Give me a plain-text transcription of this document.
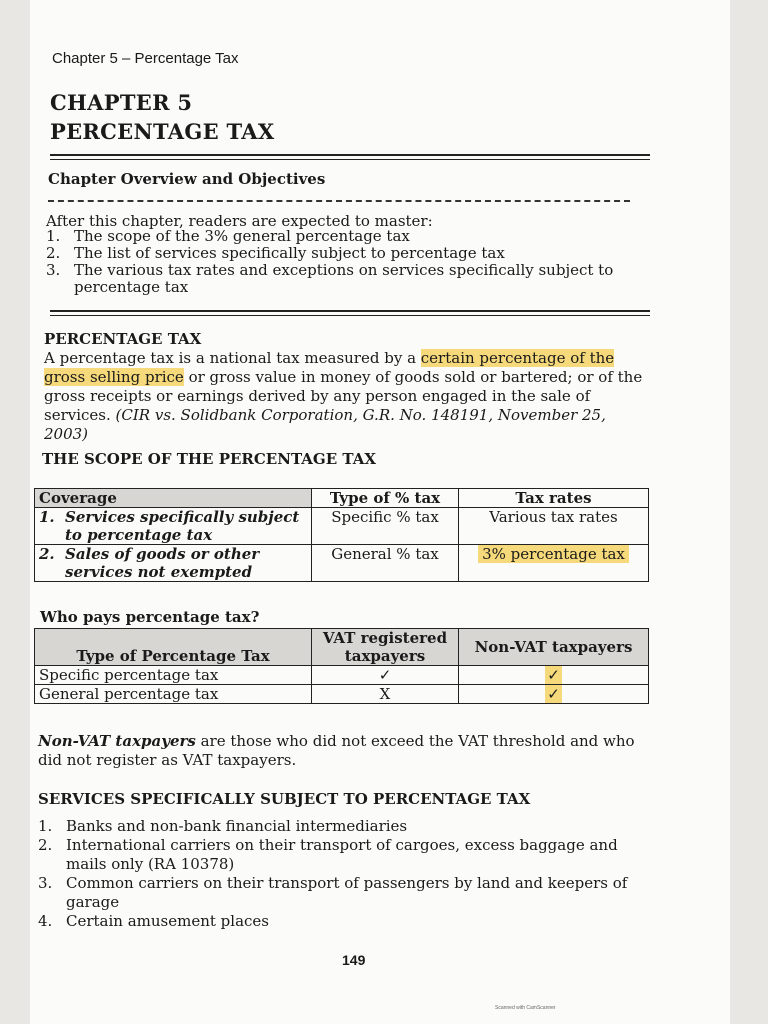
Chapter 5 – Percentage Tax
CHAPTER 5
PERCENTAGE TAX
Chapter Overview and Objectives
After this chapter, readers are expected to master:
1. The scope of the 3% general percentage tax
2. The list of services specifically subject to percentage tax
3. The various tax rates and exceptions on services specifically subject to percentage tax
PERCENTAGE TAX
A percentage tax is a national tax measured by a certain percentage of the gross selling price or gross value in money of goods sold or bartered; or of the gross receipts or earnings derived by any person engaged in the sale of services. (CIR vs. Solidbank Corporation, G.R. No. 148191, November 25, 2003)
THE SCOPE OF THE PERCENTAGE TAX
Coverage	Type of % tax	Tax rates

1. Services specifically subject to percentage tax	Specific % tax	Various tax rates

2. Sales of goods or other services not exempted	General % tax	3% percentage tax
Who pays percentage tax?
Type of Percentage Tax	VAT registered taxpayers	Non-VAT taxpayers
Specific percentage tax	✓	✓
General percentage tax	X	✓
Non-VAT taxpayers are those who did not exceed the VAT threshold and who did not register as VAT taxpayers.
SERVICES SPECIFICALLY SUBJECT TO PERCENTAGE TAX
1. Banks and non-bank financial intermediaries
2. International carriers on their transport of cargoes, excess baggage and mails only (RA 10378)
3. Common carriers on their transport of passengers by land and keepers of garage
4. Certain amusement places
149
Scanned with CamScanner
